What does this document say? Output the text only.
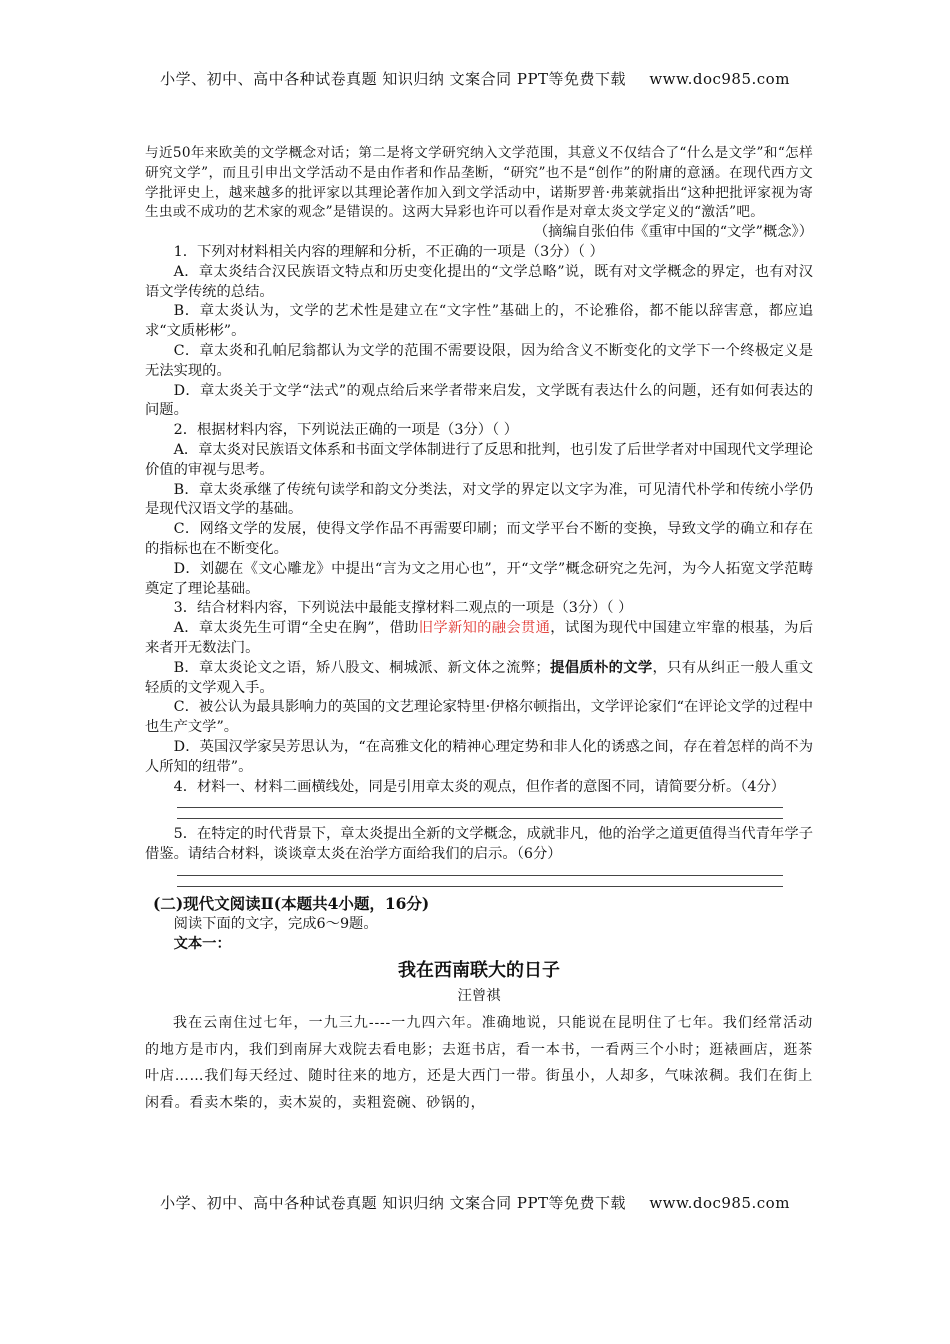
小学、初中、高中各种试卷真题 知识归纳 文案合同 PPT等免费下载 www.doc985.com

与近50年来欧美的文学概念对话；第二是将文学研究纳入文学范围，其意义不仅结合了“什么是文学”和“怎样研究文学”，而且引申出文学活动不是由作者和作品垄断，“研究”也不是“创作”的附庸的意涵。在现代西方文学批评史上，越来越多的批评家以其理论著作加入到文学活动中，诺斯罗普·弗莱就指出“这种把批评家视为寄生虫或不成功的艺术家的观念”是错误的。这两大异彩也许可以看作是对章太炎文学定义的“激活”吧。

（摘编自张伯伟《重审中国的“文学”概念》）

1．下列对材料相关内容的理解和分析，不正确的一项是（3分）（ ）

A．章太炎结合汉民族语文特点和历史变化提出的“文学总略”说，既有对文学概念的界定，也有对汉语文学传统的总结。

B．章太炎认为，文学的艺术性是建立在“文字性”基础上的，不论雅俗，都不能以辞害意，都应追求“文质彬彬”。

C．章太炎和孔帕尼翁都认为文学的范围不需要设限，因为给含义不断变化的文学下一个终极定义是无法实现的。

D．章太炎关于文学“法式”的观点给后来学者带来启发，文学既有表达什么的问题，还有如何表达的问题。

2．根据材料内容，下列说法正确的一项是（3分）（ ）

A．章太炎对民族语文体系和书面文学体制进行了反思和批判，也引发了后世学者对中国现代文学理论价值的审视与思考。

B．章太炎承继了传统句读学和韵文分类法，对文学的界定以文字为准，可见清代朴学和传统小学仍是现代汉语文学的基础。

C．网络文学的发展，使得文学作品不再需要印刷；而文学平台不断的变换，导致文学的确立和存在的指标也在不断变化。

D．刘勰在《文心雕龙》中提出“言为文之用心也”，开“文学”概念研究之先河，为今人拓宽文学范畴奠定了理论基础。

3．结合材料内容，下列说法中最能支撑材料二观点的一项是（3分）（ ）

A．章太炎先生可谓“全史在胸”，借助旧学新知的融会贯通，试图为现代中国建立牢靠的根基，为后来者开无数法门。

B．章太炎论文之语，矫八股文、桐城派、新文体之流弊；提倡质朴的文学，只有从纠正一般人重文轻质的文学观入手。

C．被公认为最具影响力的英国的文艺理论家特里·伊格尔顿指出，文学评论家们“在评论文学的过程中也生产文学”。

D．英国汉学家吴芳思认为，“在高雅文化的精神心理定势和非人化的诱惑之间，存在着怎样的尚不为人所知的纽带”。

4．材料一、材料二画横线处，同是引用章太炎的观点，但作者的意图不同，请简要分析。（4分）

5．在特定的时代背景下，章太炎提出全新的文学概念，成就非凡，他的治学之道更值得当代青年学子借鉴。请结合材料，谈谈章太炎在治学方面给我们的启示。（6分）

(二)现代文阅读Ⅱ(本题共4小题，16分)

阅读下面的文字，完成6～9题。

文本一：

我在西南联大的日子

汪曾祺

我在云南住过七年，一九三九----一九四六年。准确地说，只能说在昆明住了七年。我们经常活动的地方是市内，我们到南屏大戏院去看电影；去逛书店，看一本书，一看两三个小时；逛裱画店，逛茶叶店……我们每天经过、随时往来的地方，还是大西门一带。街虽小，人却多，气味浓稠。我们在街上闲看。看卖木柴的，卖木炭的，卖粗瓷碗、砂锅的，

小学、初中、高中各种试卷真题 知识归纳 文案合同 PPT等免费下载 www.doc985.com
